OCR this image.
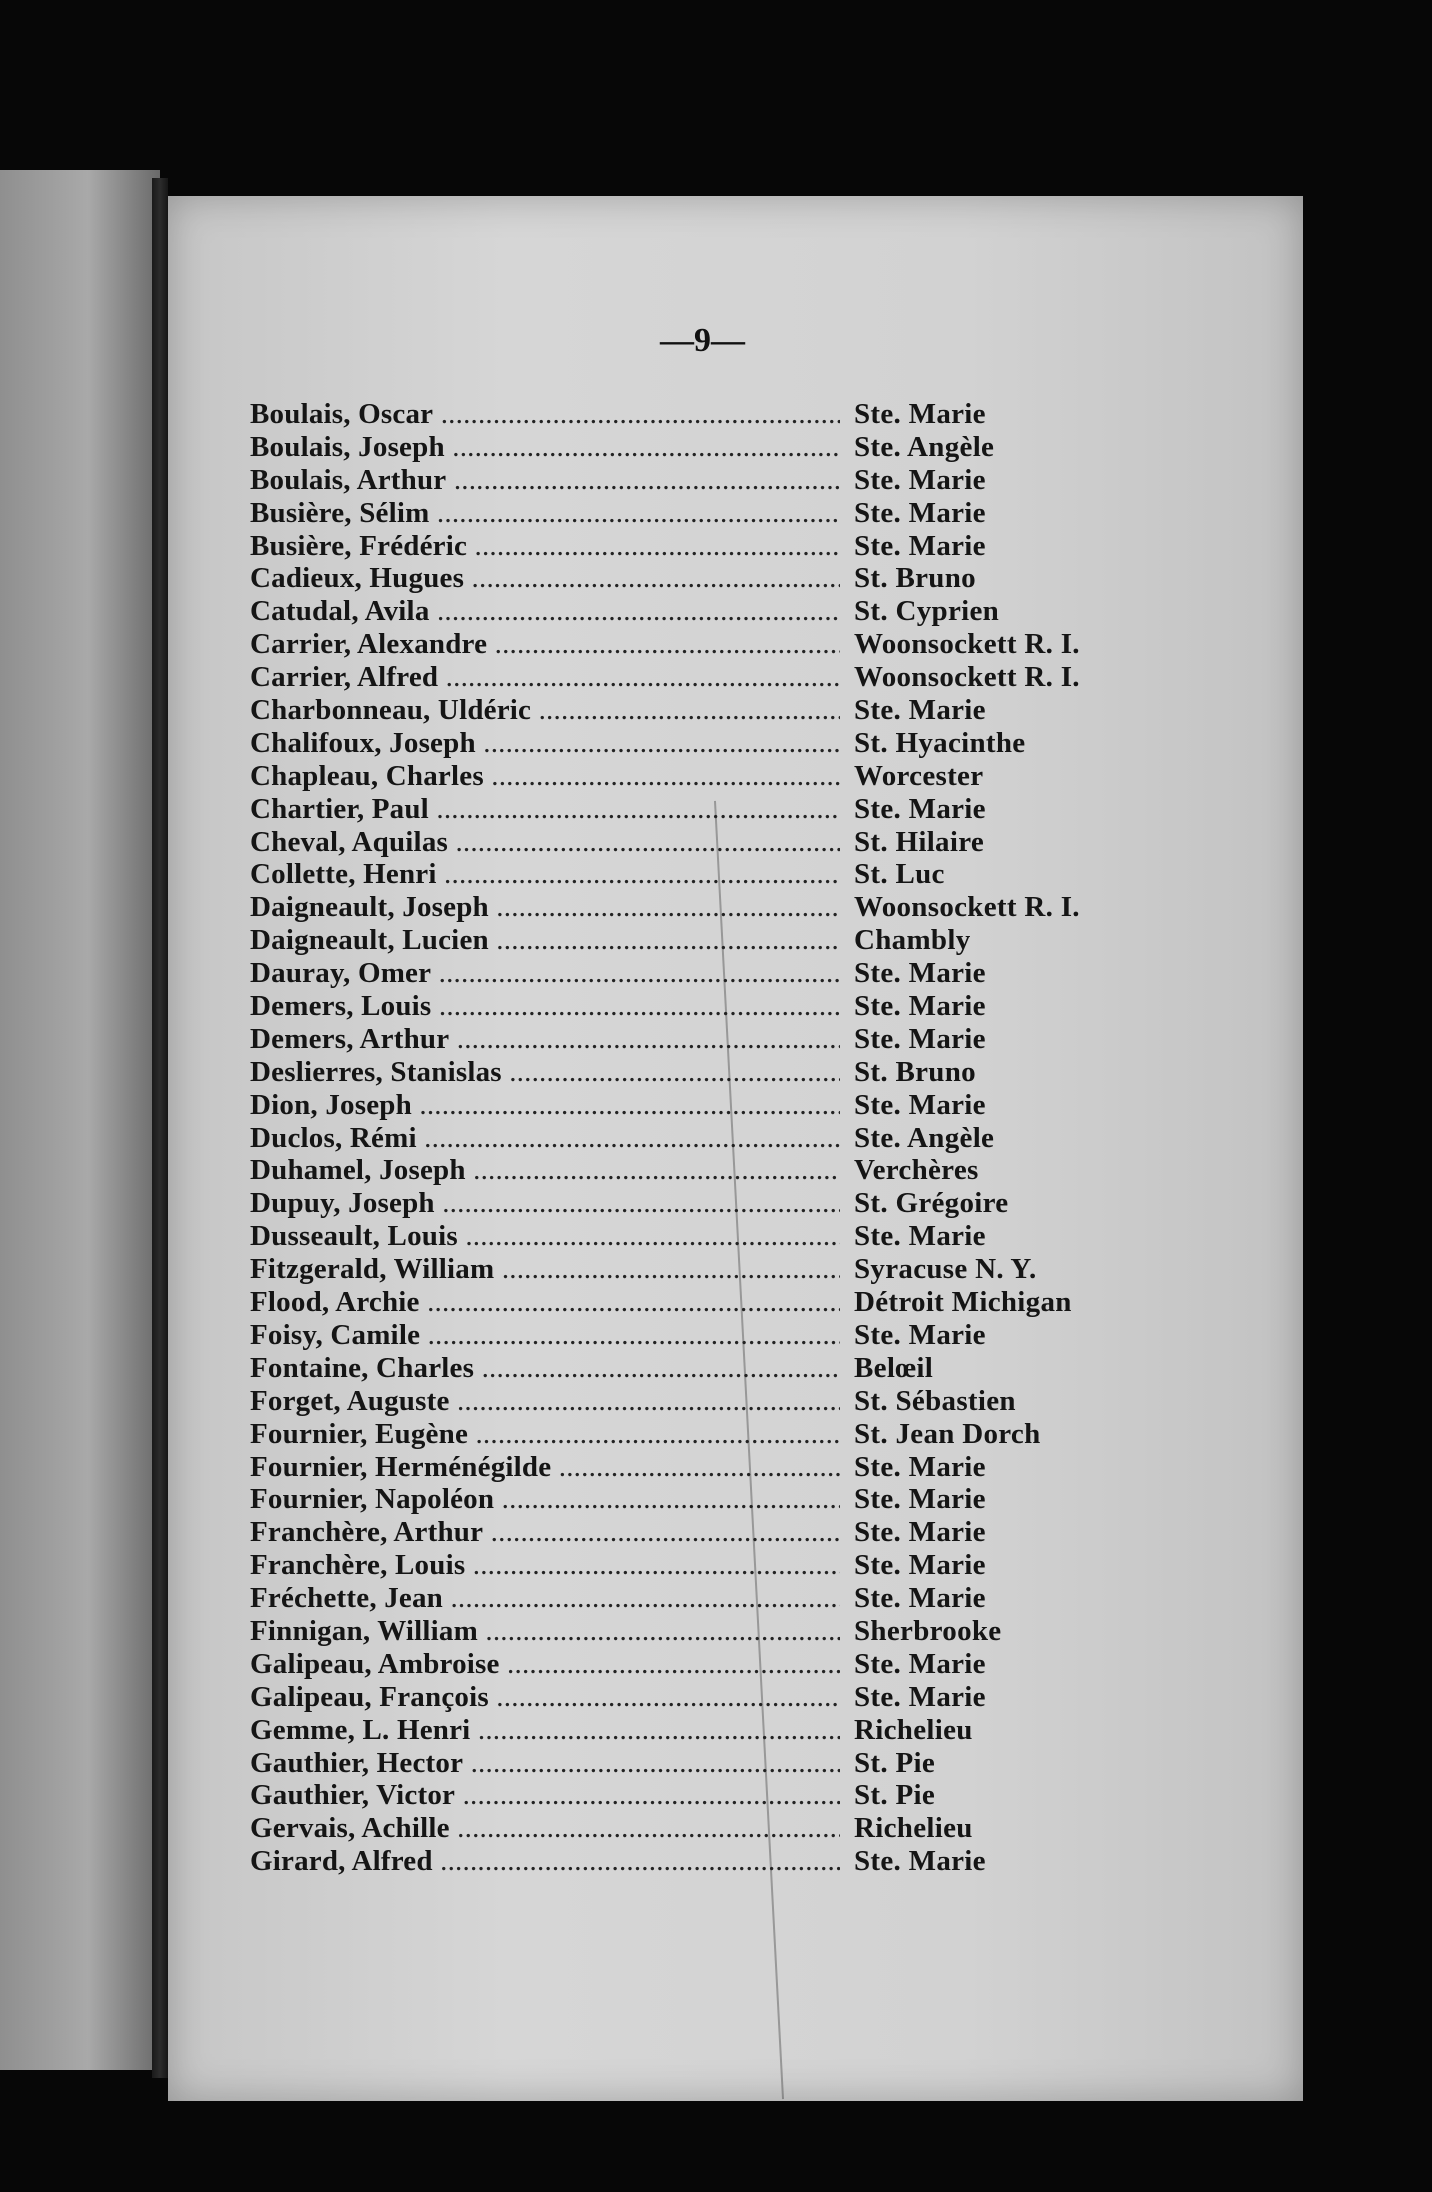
—9—
Boulais, Oscar .....	Ste. Marie
Boulais, Joseph .....	Ste. Angèle
Boulais, Arthur .....	Ste. Marie
Busière, Sélim .....	Ste. Marie
Busière, Frédéric .....	Ste. Marie
Cadieux, Hugues .....	St. Bruno
Catudal, Avila .....	St. Cyprien
Carrier, Alexandre .....	Woonsockett R. I.
Carrier, Alfred .....	Woonsockett R. I.
Charbonneau, Uldéric .....	Ste. Marie
Chalifoux, Joseph .....	St. Hyacinthe
Chapleau, Charles .....	Worcester
Chartier, Paul .....	Ste. Marie
Cheval, Aquilas .....	St. Hilaire
Collette, Henri .....	St. Luc
Daigneault, Joseph .....	Woonsockett R. I.
Daigneault, Lucien .....	Chambly
Dauray, Omer .....	Ste. Marie
Demers, Louis .....	Ste. Marie
Demers, Arthur .....	Ste. Marie
Deslierres, Stanislas .....	St. Bruno
Dion, Joseph .....	Ste. Marie
Duclos, Rémi .....	Ste. Angèle
Duhamel, Joseph .....	Verchères
Dupuy, Joseph .....	St. Grégoire
Dusseault, Louis .....	Ste. Marie
Fitzgerald, William .....	Syracuse N. Y.
Flood, Archie .....	Détroit Michigan
Foisy, Camile .....	Ste. Marie
Fontaine, Charles .....	Belœil
Forget, Auguste .....	St. Sébastien
Fournier, Eugène .....	St. Jean Dorch
Fournier, Herménégilde .....	Ste. Marie
Fournier, Napoléon .....	Ste. Marie
Franchère, Arthur .....	Ste. Marie
Franchère, Louis .....	Ste. Marie
Fréchette, Jean .....	Ste. Marie
Finnigan, William .....	Sherbrooke
Galipeau, Ambroise .....	Ste. Marie
Galipeau, François .....	Ste. Marie
Gemme, L. Henri .....	Richelieu
Gauthier, Hector .....	St. Pie
Gauthier, Victor .....	St. Pie
Gervais, Achille .....	Richelieu
Girard, Alfred .....	Ste. Marie
